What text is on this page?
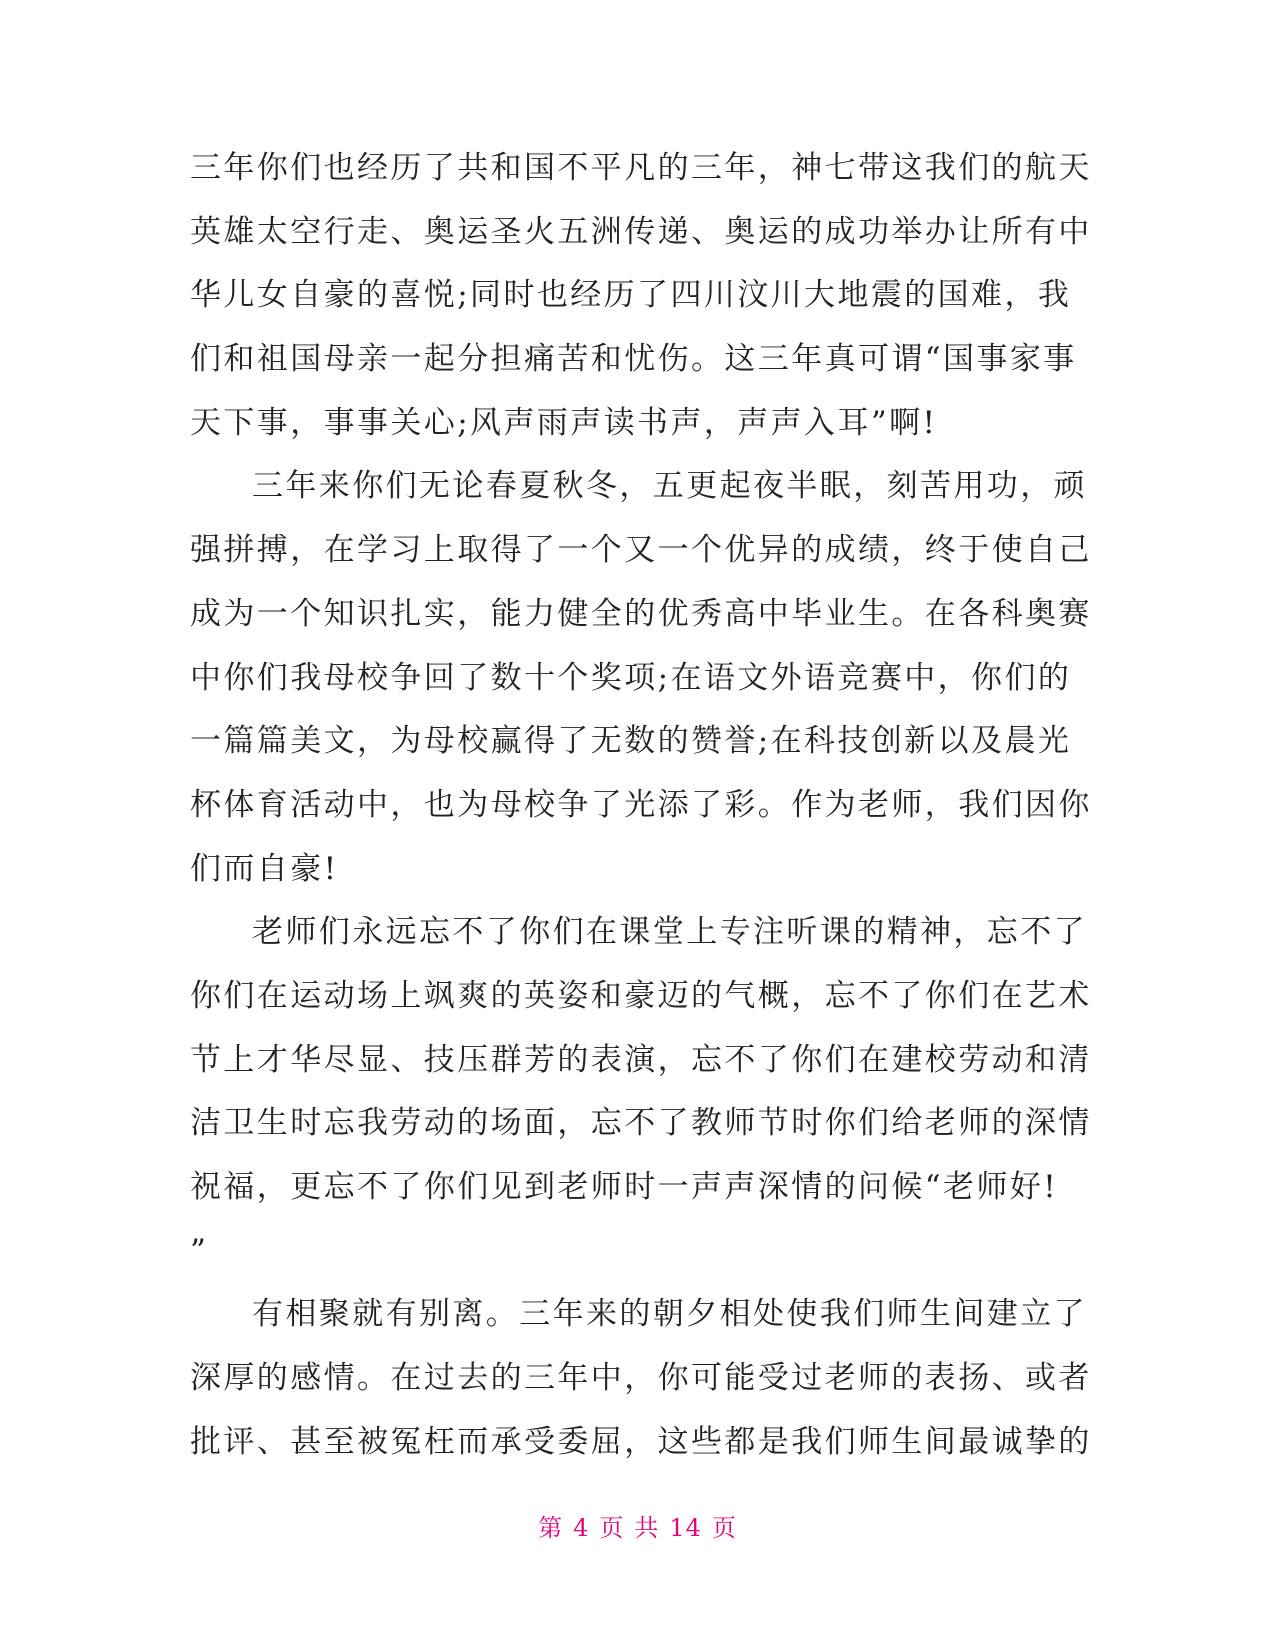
三年你们也经历了共和国不平凡的三年，神七带这我们的航天
英雄太空行走、奥运圣火五洲传递、奥运的成功举办让所有中
华儿女自豪的喜悦;同时也经历了四川汶川大地震的国难，我
们和祖国母亲一起分担痛苦和忧伤。这三年真可谓“国事家事
天下事，事事关心;风声雨声读书声，声声入耳”啊!
三年来你们无论春夏秋冬，五更起夜半眠，刻苦用功，顽
强拼搏，在学习上取得了一个又一个优异的成绩，终于使自己
成为一个知识扎实，能力健全的优秀高中毕业生。在各科奥赛
中你们我母校争回了数十个奖项;在语文外语竞赛中，你们的
一篇篇美文，为母校赢得了无数的赞誉;在科技创新以及晨光
杯体育活动中，也为母校争了光添了彩。作为老师，我们因你
们而自豪!
老师们永远忘不了你们在课堂上专注听课的精神，忘不了
你们在运动场上飒爽的英姿和豪迈的气概，忘不了你们在艺术
节上才华尽显、技压群芳的表演，忘不了你们在建校劳动和清
洁卫生时忘我劳动的场面，忘不了教师节时你们给老师的深情
祝福，更忘不了你们见到老师时一声声深情的问候“老师好!
”
有相聚就有别离。三年来的朝夕相处使我们师生间建立了
深厚的感情。在过去的三年中，你可能受过老师的表扬、或者
批评、甚至被冤枉而承受委屈，这些都是我们师生间最诚挚的
第 4 页 共 14 页
